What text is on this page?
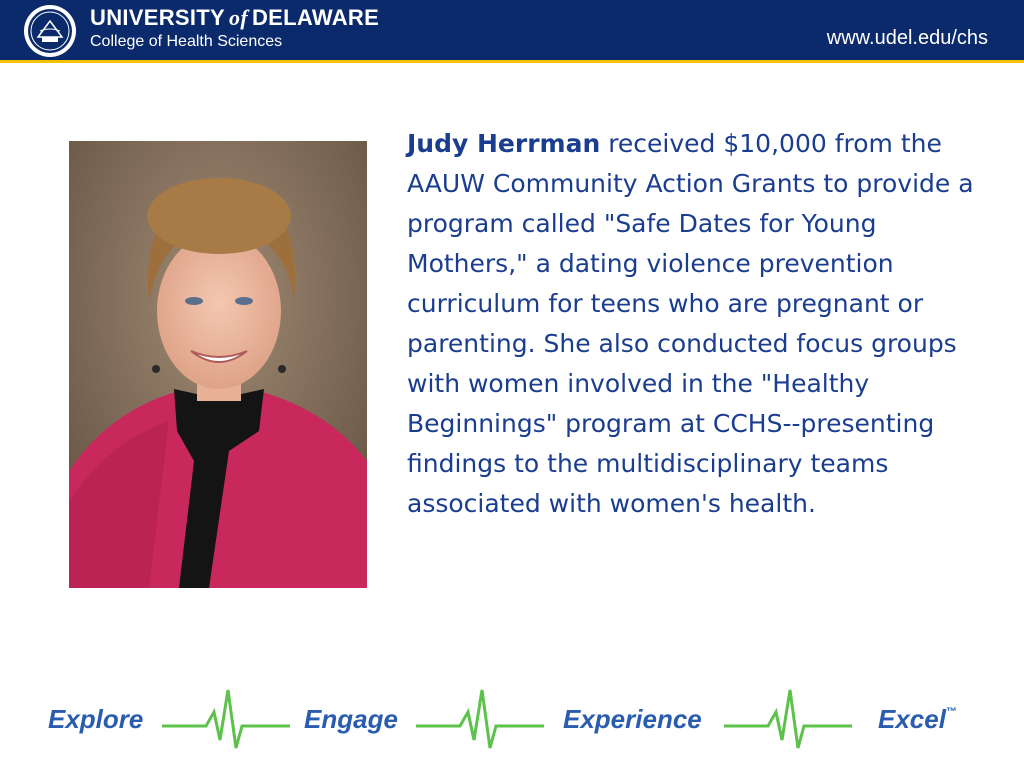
UNIVERSITY of DELAWARE
College of Health Sciences	www.udel.edu/chs
Judy Herrman received $10,000 from the AAUW Community Action Grants to provide a program called "Safe Dates for Young Mothers," a dating violence prevention curriculum for teens who are pregnant or parenting. She also conducted focus groups with women involved in the "Healthy Beginnings" program at CCHS--presenting findings to the multidisciplinary teams associated with women's health.
Explore	Engage	Experience	Excel™
